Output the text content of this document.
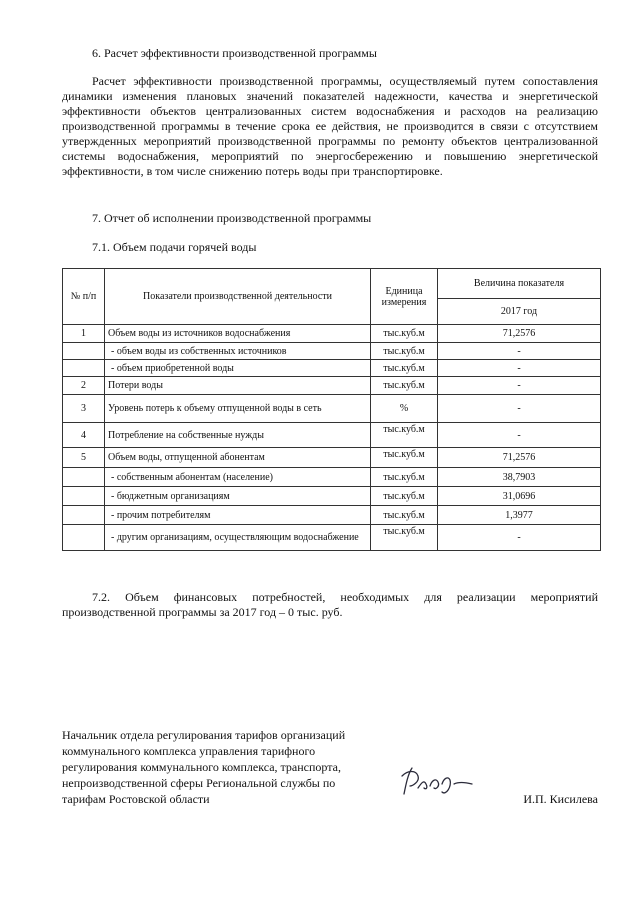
6. Расчет эффективности производственной программы

Расчет эффективности производственной программы, осуществляемый путем сопоставления динамики изменения плановых значений показателей надежности, качества и энергетической эффективности объектов централизованных систем водоснабжения и расходов на реализацию производственной программы в течение срока ее действия, не производится в связи с отсутствием утвержденных мероприятий производственной программы по ремонту объектов централизованной системы водоснабжения, мероприятий по энергосбережению и повышению энергетической эффективности, в том числе снижению потерь воды при транспортировке.

7. Отчет об исполнении производственной программы
7.1. Объем подачи горячей воды
№ п/п	Показатели производственной деятельности	Единица измерения	Величина показателя
			2017 год
1	Объем воды из источников водоснабжения	тыс.куб.м	71,2576
	- объем воды из собственных источников	тыс.куб.м	-
	- объем приобретенной воды	тыс.куб.м	-
2	Потери воды	тыс.куб.м	-
3	Уровень потерь к объему отпущенной воды в сеть	%	-
4	Потребление на собственные нужды	тыс.куб.м	-
5	Объем воды, отпущенной абонентам	тыс.куб.м	71,2576
	- собственным абонентам (население)	тыс.куб.м	38,7903
	- бюджетным организациям	тыс.куб.м	31,0696
	- прочим потребителям	тыс.куб.м	1,3977
	- другим организациям, осуществляющим водоснабжение	тыс.куб.м	-

7.2. Объем финансовых потребностей, необходимых для реализации мероприятий производственной программы за 2017 год – 0 тыс. руб.

Начальник отдела регулирования тарифов организаций коммунального комплекса управления тарифного регулирования коммунального комплекса, транспорта, непроизводственной сферы Региональной службы по тарифам Ростовской области	И.П. Кисилева
